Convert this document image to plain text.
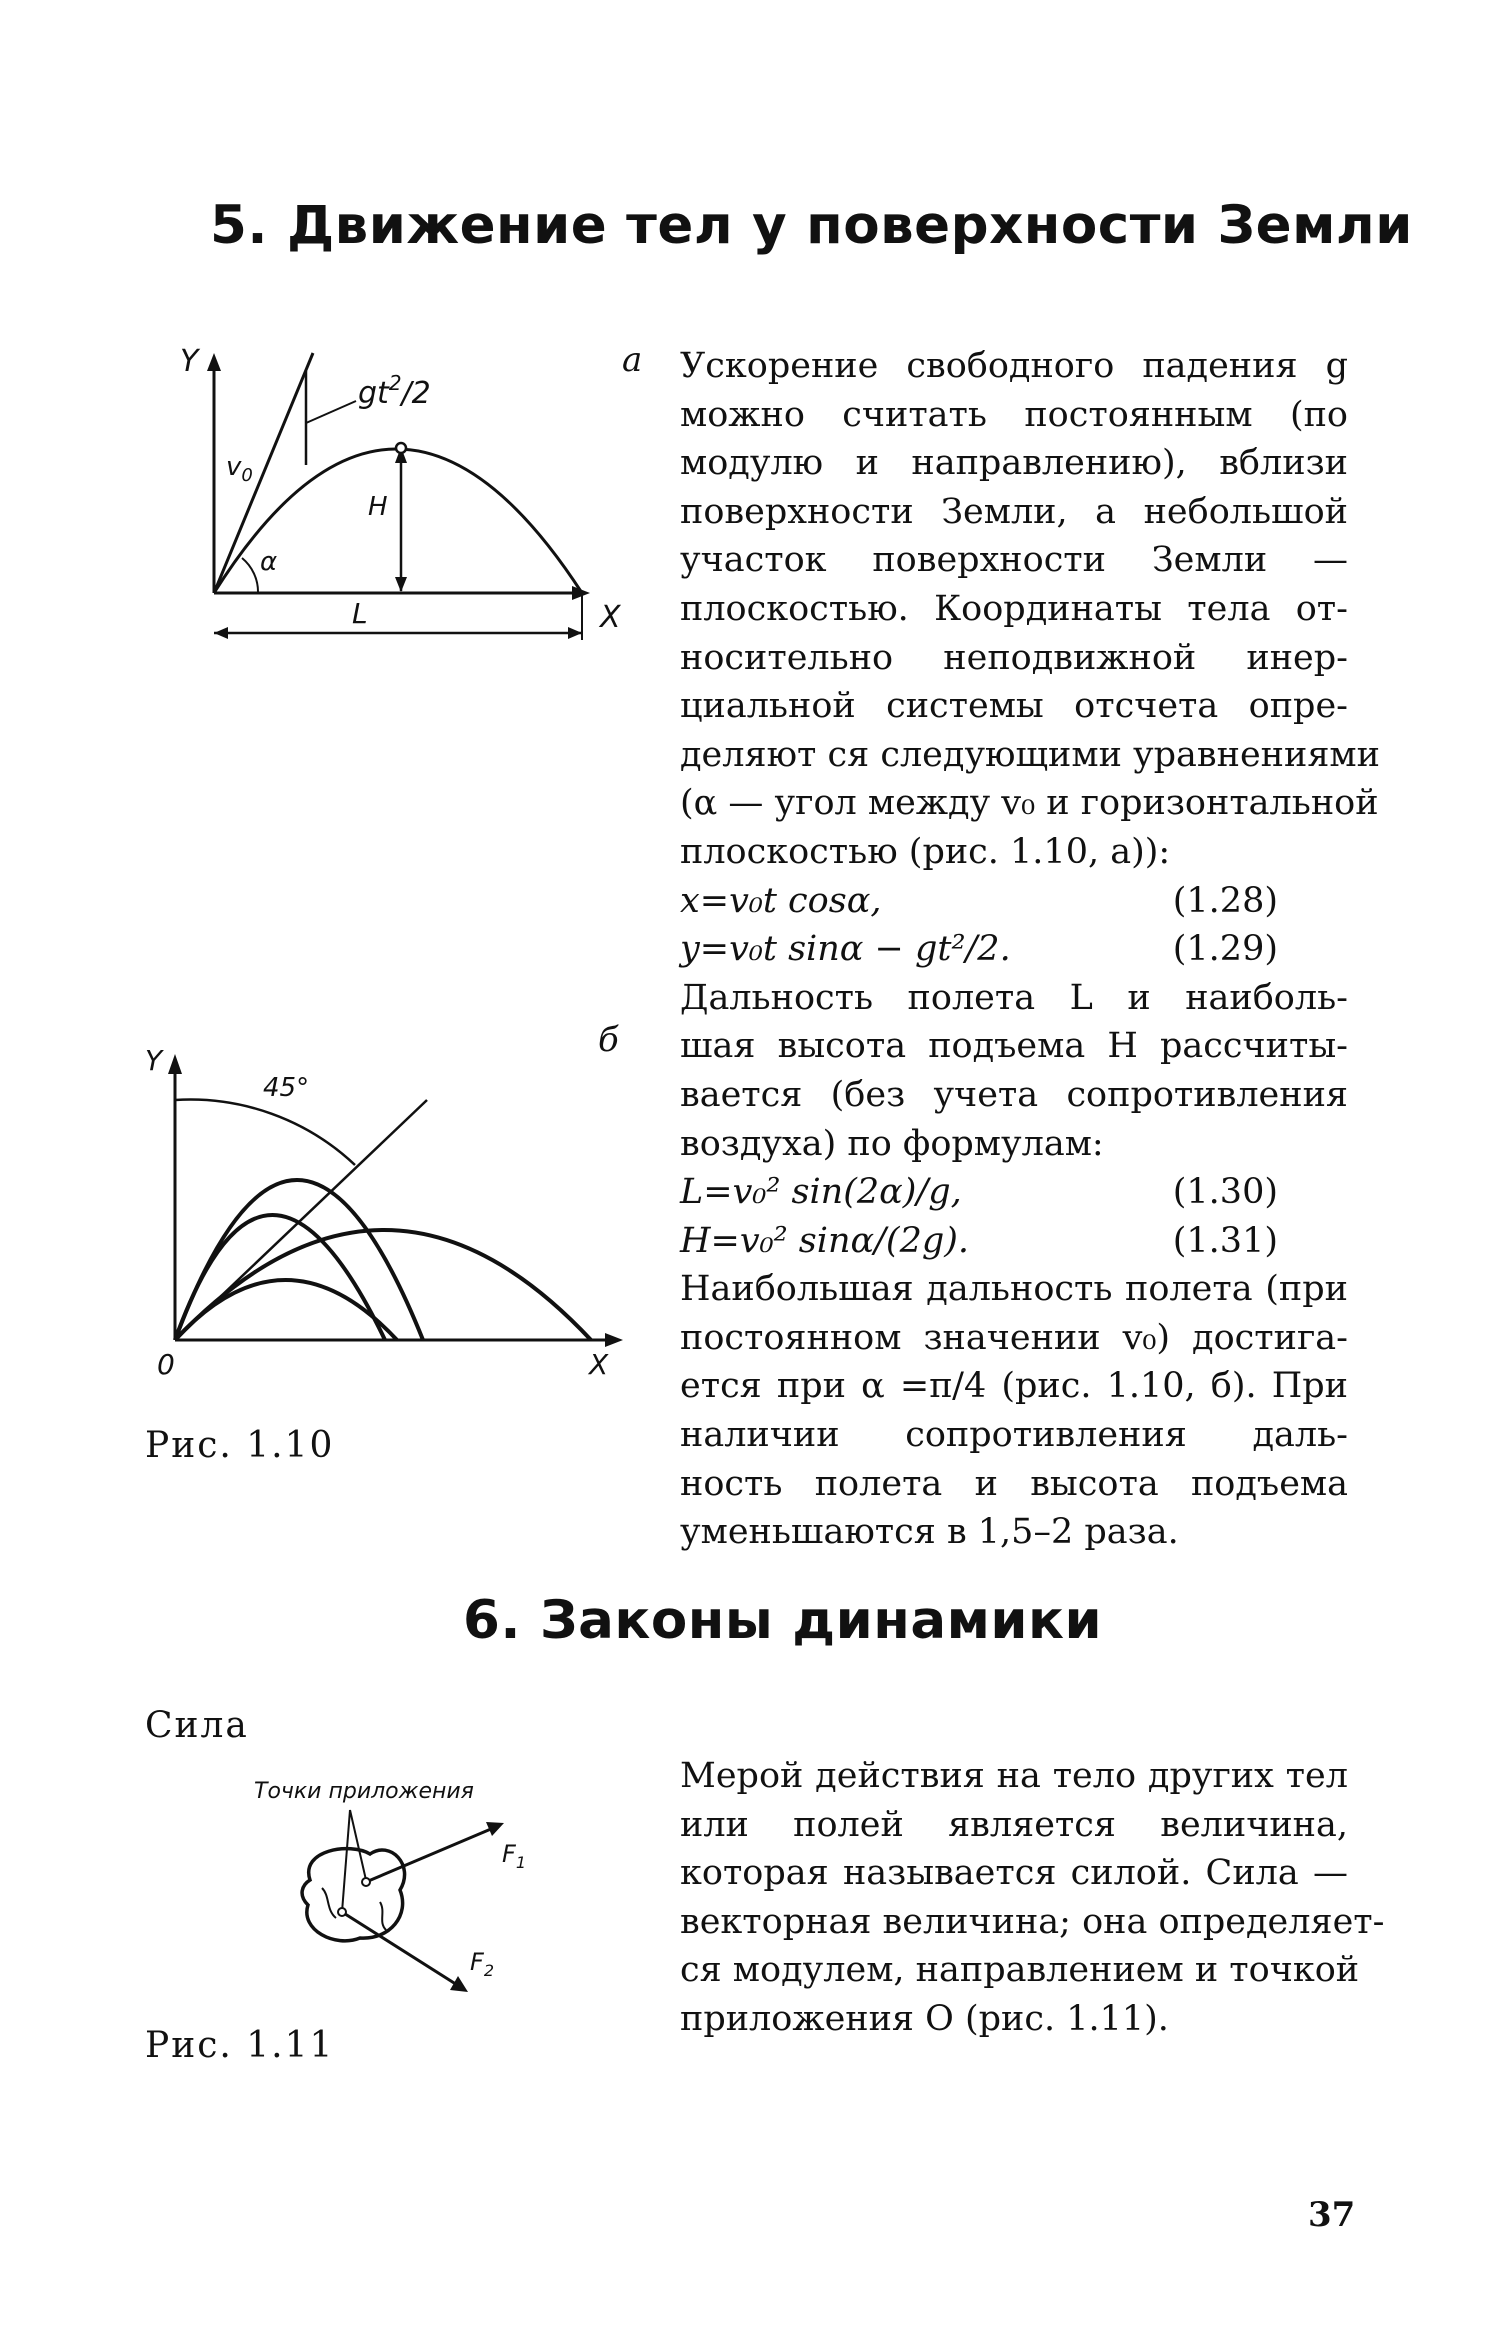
5. Движение тел у поверхности Земли
Y
X
$gt^2/2$
$v_0$
H
α
L
а
б
Y
45°
0	X
Рис. 1.10
Ускорение свободного падения g
можно считать постоянным (по
модулю и направлению), вблизи
поверхности Земли, а небольшой
участок поверхности Земли —
плоскостью. Координаты тела от-
носительно неподвижной инер-
циальной системы отсчета опре-
деляют ся следующими уравнениями
(α — угол между v₀ и горизонтальной
плоскостью (рис. 1.10, а)):
x=v₀t cosα,	(1.28)
y=v₀t sinα − gt²/2.	(1.29)
Дальность полета L и наиболь-
шая высота подъема H рассчиты-
вается (без учета сопротивления
воздуха) по формулам:
L=v₀² sin(2α)/g,	(1.30)
H=v₀² sinα/(2g).	(1.31)
Наибольшая дальность полета (при
постоянном значении v₀) достига-
ется при α =π/4 (рис. 1.10, б). При
наличии сопротивления даль-
ность полета и высота подъема
уменьшаются в 1,5–2 раза.
6. Законы динамики
Сила
Точки приложения
$F_1$
$F_2$
Рис. 1.11
Мерой действия на тело других тел
или полей является величина,
которая называется силой. Сила —
векторная величина; она определяет-
ся модулем, направлением и точкой
приложения O (рис. 1.11).
37
